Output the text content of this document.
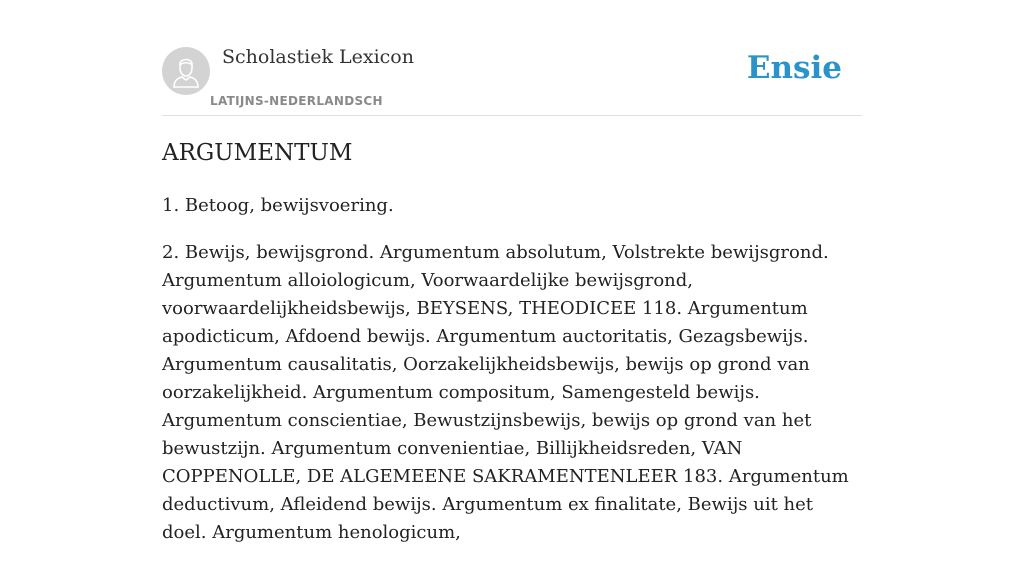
Scholastiek Lexicon
LATIJNS-NEDERLANDSCH
Ensie
ARGUMENTUM

1. Betoog, bewijsvoering.

2. Bewijs, bewijsgrond. Argumentum absolutum, Volstrekte bewijsgrond. Argumentum alloiologicum, Voorwaardelijke bewijsgrond, voorwaardelijkheidsbewijs, BEYSENS, THEODICEE 118. Argumentum apodicticum, Afdoend bewijs. Argumentum auctoritatis, Gezagsbewijs. Argumentum causalitatis, Oorzakelijkheidsbewijs, bewijs op grond van oorzakelijkheid. Argumentum compositum, Samengesteld bewijs. Argumentum conscientiae, Bewustzijnsbewijs, bewijs op grond van het bewustzijn. Argumentum convenientiae, Billijkheidsreden, VAN COPPENOLLE, DE ALGEMEENE SAKRAMENTENLEER 183. Argumentum deductivum, Afleidend bewijs. Argumentum ex finalitate, Bewijs uit het doel. Argumentum henologicum,
